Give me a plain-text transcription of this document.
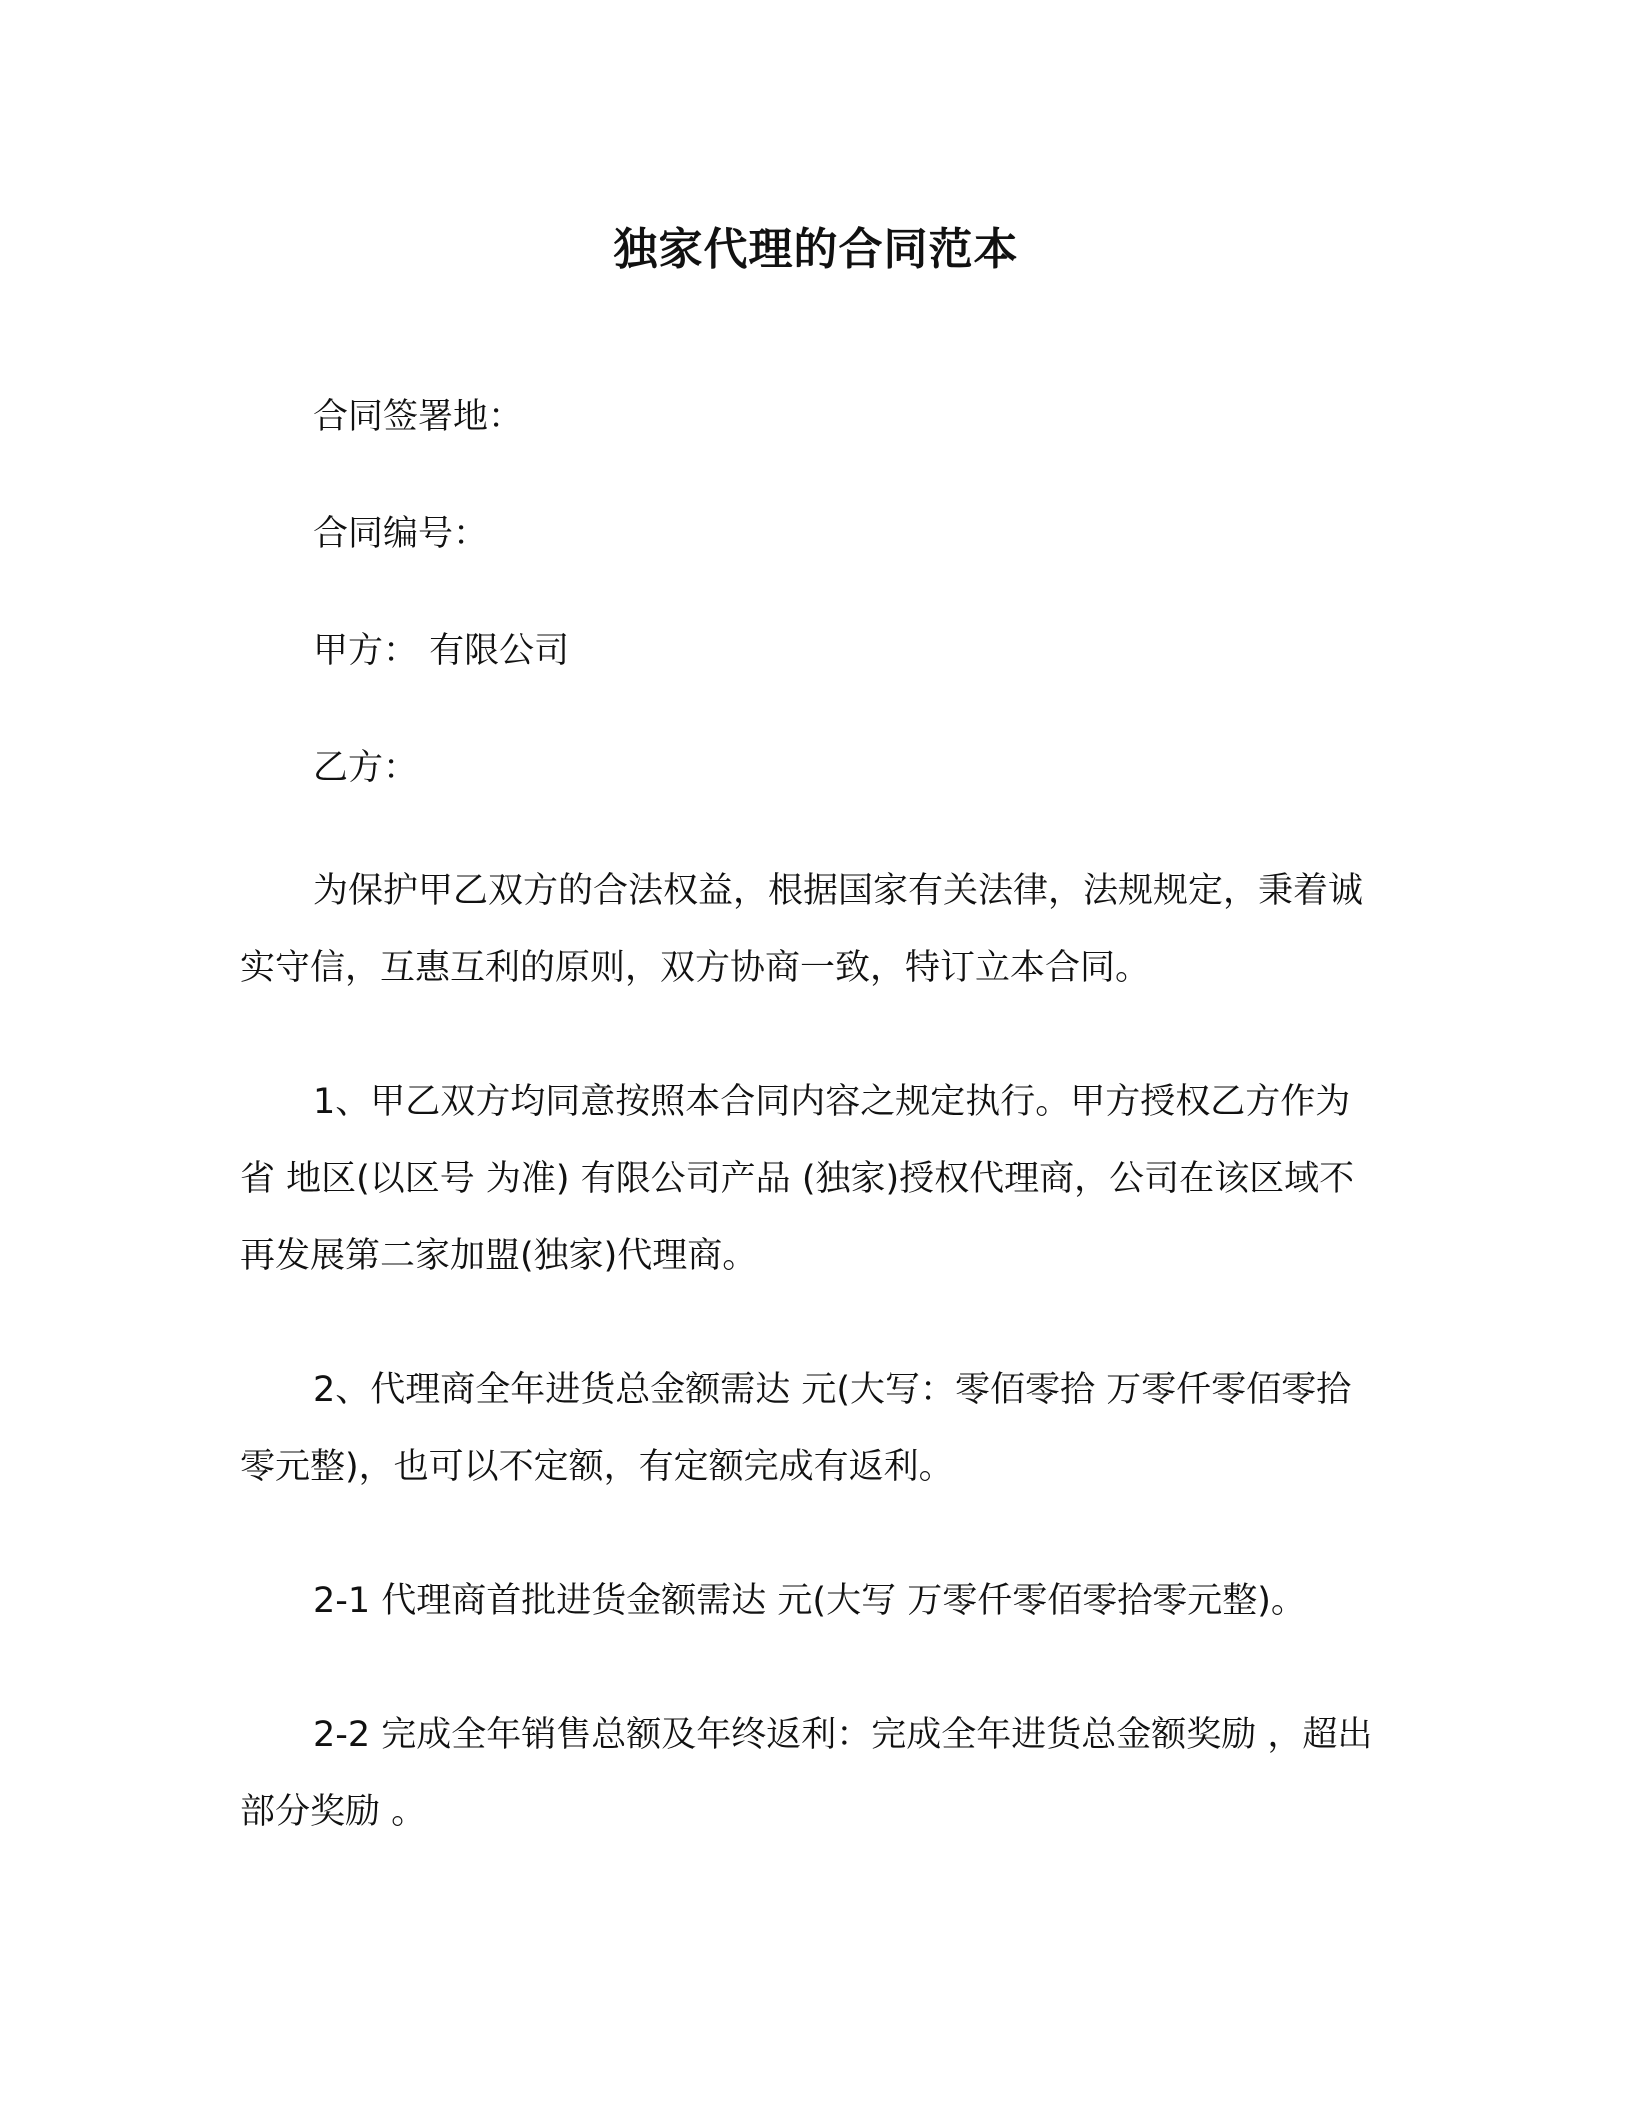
独家代理的合同范本
合同签署地：
合同编号：
甲方： 有限公司
乙方：

为保护甲乙双方的合法权益，根据国家有关法律，法规规定，秉着诚实守信，互惠互利的原则，双方协商一致，特订立本合同。

1、甲乙双方均同意按照本合同内容之规定执行。甲方授权乙方作为 省 地区(以区号 为准) 有限公司产品 (独家)授权代理商，公司在该区域不再发展第二家加盟(独家)代理商。

2、代理商全年进货总金额需达 元(大写：零佰零拾 万零仟零佰零拾零元整)，也可以不定额，有定额完成有返利。

2-1 代理商首批进货金额需达 元(大写 万零仟零佰零拾零元整)。

2-2 完成全年销售总额及年终返利：完成全年进货总金额奖励 ，超出部分奖励 。
